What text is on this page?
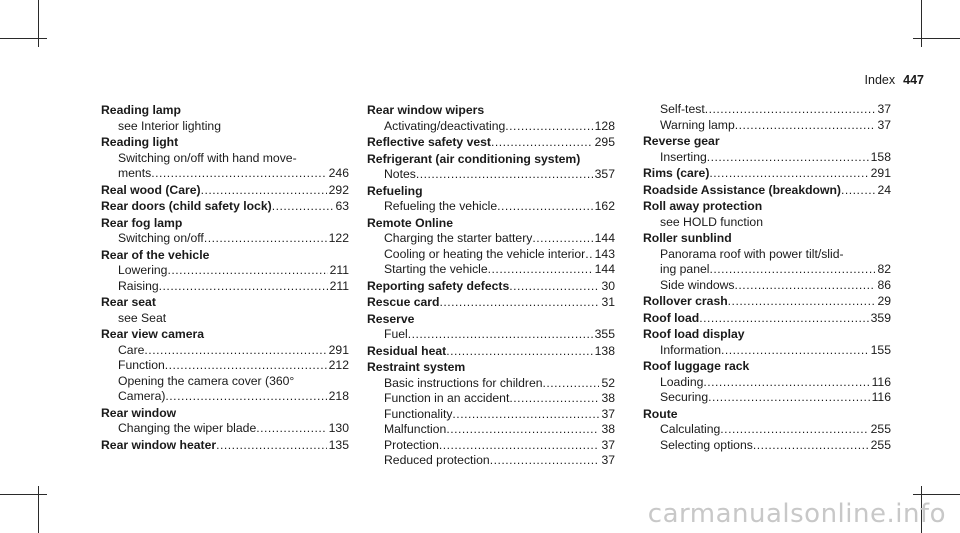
Index 447
Reading lamp
see Interior lighting
Reading light
Switching on/off with hand move-
ments .....	246
Real wood (Care) .....	292
Rear doors (child safety lock) .....	63
Rear fog lamp
Switching on/off .....	122
Rear of the vehicle
Lowering .....	211
Raising .....	211
Rear seat
see Seat
Rear view camera
Care .....	291
Function .....	212
Opening the camera cover (360°
Camera) .....	218
Rear window
Changing the wiper blade .....	130
Rear window heater .....	135
Rear window wipers
Activating/deactivating .....	128
Reflective safety vest .....	295
Refrigerant (air conditioning system)
Notes .....	357
Refueling
Refueling the vehicle .....	162
Remote Online
Charging the starter battery .....	144
Cooling or heating the vehicle interior ..... 143
Starting the vehicle .....	144
Reporting safety defects .....	30
Rescue card .....	31
Reserve
Fuel .....	355
Residual heat .....	138
Restraint system
Basic instructions for children .....	52
Function in an accident .....	38
Functionality .....	37
Malfunction .....	38
Protection .....	37
Reduced protection .....	37
Self-test .....	37
Warning lamp .....	37
Reverse gear
Inserting .....	158
Rims (care) .....	291
Roadside Assistance (breakdown) .....	24
Roll away protection
see HOLD function
Roller sunblind
Panorama roof with power tilt/slid-
ing panel .....	82
Side windows .....	86
Rollover crash .....	29
Roof load .....	359
Roof load display
Information .....	155
Roof luggage rack
Loading .....	116
Securing .....	116
Route
Calculating .....	255
Selecting options .....	255
carmanualsonline.info
